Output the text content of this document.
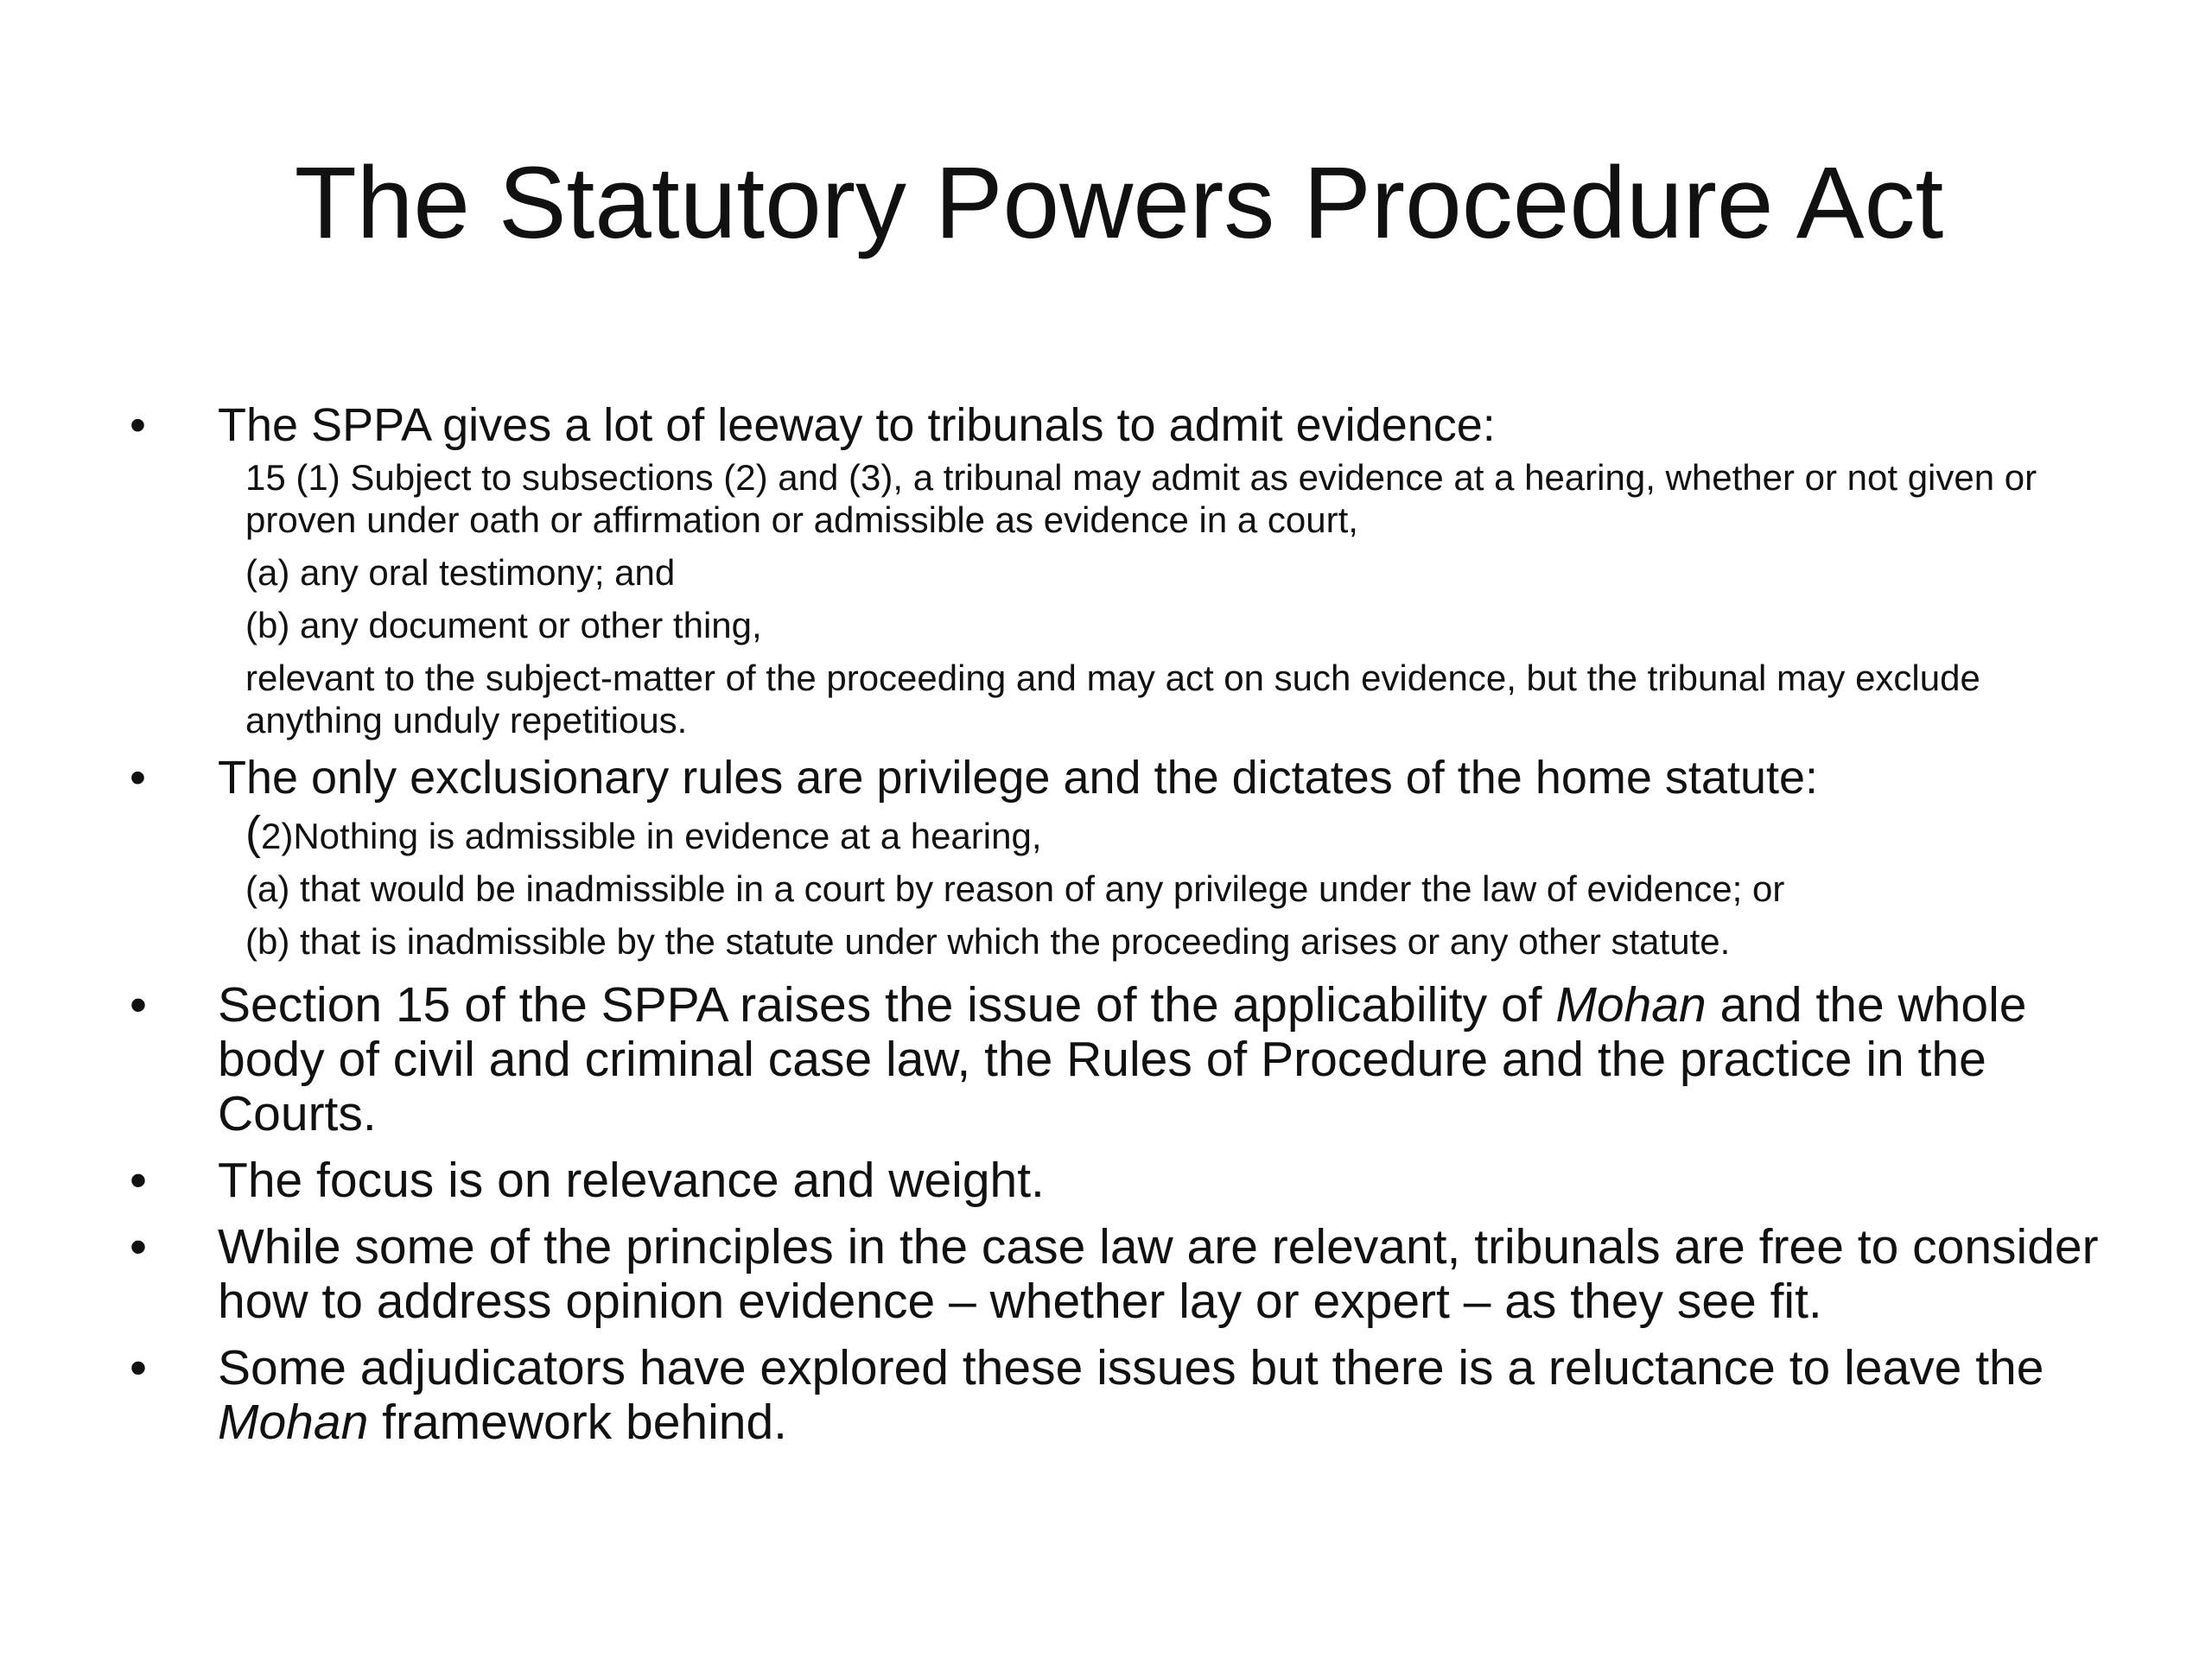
The Statutory Powers Procedure Act
• The SPPA gives a lot of leeway to tribunals to admit evidence:

15 (1) Subject to subsections (2) and (3), a tribunal may admit as evidence at a hearing, whether or not given or proven under oath or affirmation or admissible as evidence in a court,

(a) any oral testimony; and

(b) any document or other thing,

relevant to the subject-matter of the proceeding and may act on such evidence, but the tribunal may exclude anything unduly repetitious.

• The only exclusionary rules are privilege and the dictates of the home statute:

(2)Nothing is admissible in evidence at a hearing,

(a) that would be inadmissible in a court by reason of any privilege under the law of evidence; or

(b) that is inadmissible by the statute under which the proceeding arises or any other statute.

• Section 15 of the SPPA raises the issue of the applicability of Mohan and the whole body of civil and criminal case law, the Rules of Procedure and the practice in the Courts.
• The focus is on relevance and weight.
• While some of the principles in the case law are relevant, tribunals are free to consider how to address opinion evidence – whether lay or expert – as they see fit.
• Some adjudicators have explored these issues but there is a reluctance to leave the Mohan framework behind.
